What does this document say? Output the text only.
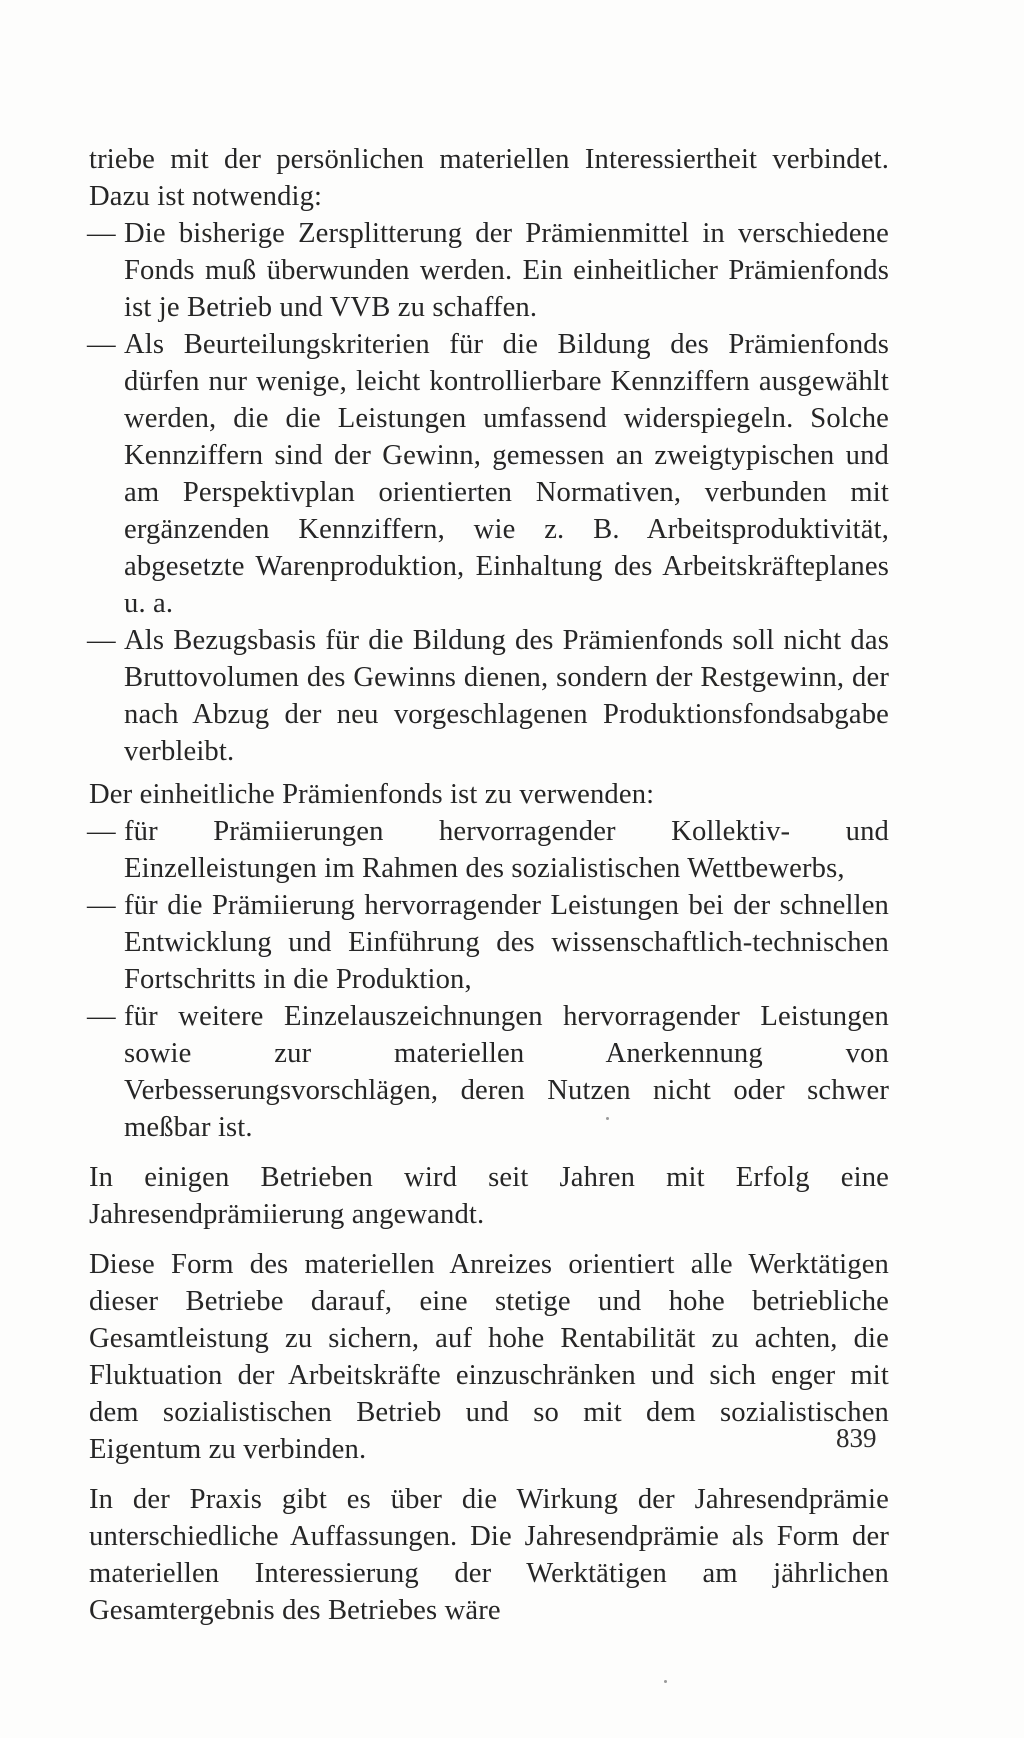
triebe mit der persönlichen materiellen Interessiertheit verbindet. Dazu ist notwendig:

— Die bisherige Zersplitterung der Prämienmittel in verschiedene Fonds muß überwunden werden. Ein einheitlicher Prämienfonds ist je Betrieb und VVB zu schaffen.
— Als Beurteilungskriterien für die Bildung des Prämienfonds dürfen nur wenige, leicht kontrollierbare Kennziffern ausgewählt werden, die die Leistungen umfassend widerspiegeln. Solche Kennziffern sind der Gewinn, gemessen an zweigtypischen und am Perspektivplan orientierten Normativen, verbunden mit ergänzenden Kennziffern, wie z. B. Arbeitsproduktivität, abgesetzte Warenproduktion, Einhaltung des Arbeitskräfteplanes u. a.
— Als Bezugsbasis für die Bildung des Prämienfonds soll nicht das Bruttovolumen des Gewinns dienen, sondern der Restgewinn, der nach Abzug der neu vorgeschlagenen Produktionsfondsabgabe verbleibt.

Der einheitliche Prämienfonds ist zu verwenden:

— für Prämiierungen hervorragender Kollektiv- und Einzelleistungen im Rahmen des sozialistischen Wettbewerbs,
— für die Prämiierung hervorragender Leistungen bei der schnellen Entwicklung und Einführung des wissenschaftlich-technischen Fortschritts in die Produktion,
— für weitere Einzelauszeichnungen hervorragender Leistungen sowie zur materiellen Anerkennung von Verbesserungsvorschlägen, deren Nutzen nicht oder schwer meßbar ist.

In einigen Betrieben wird seit Jahren mit Erfolg eine Jahresendprämiierung angewandt.

Diese Form des materiellen Anreizes orientiert alle Werktätigen dieser Betriebe darauf, eine stetige und hohe betriebliche Gesamtleistung zu sichern, auf hohe Rentabilität zu achten, die Fluktuation der Arbeitskräfte einzuschränken und sich enger mit dem sozialistischen Betrieb und so mit dem sozialistischen Eigentum zu verbinden.

In der Praxis gibt es über die Wirkung der Jahresendprämie unterschiedliche Auffassungen. Die Jahresendprämie als Form der materiellen Interessierung der Werktätigen am jährlichen Gesamtergebnis des Betriebes wäre

839
